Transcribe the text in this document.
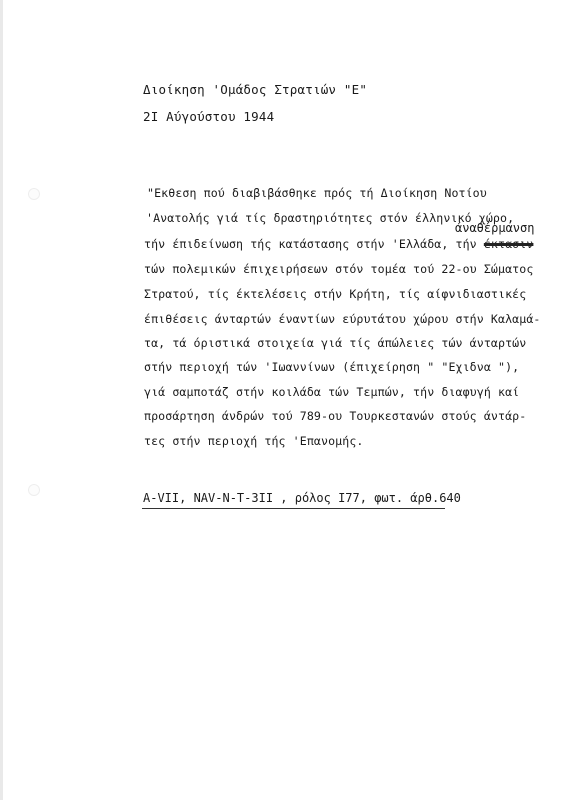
Διοίκηση 'Ομάδος Στρατιών "Ε"
2Ι Αύγούστου 1944
"Εκθεση πού διαβιβάσθηκε πρός τή Διοίκηση Νοτίου
'Ανατολής γιά τίς δραστηριότητες στόν έλληνικό χώρο,
άναθέρμανση
τήν έπιδείνωση τής κατάστασης στήν 'Ελλάδα, τήν έκτασιν
τών πολεμικών έπιχειρήσεων στόν τομέα τού 22-ου Σώματος
Στρατού, τίς έκτελέσεις στήν Κρήτη, τίς αίφνιδιαστικές
έπιθέσεις άνταρτών έναντίων εύρυτάτου χώρου στήν Καλαμά-
τα, τά όριστικά στοιχεία γιά τίς άπώλειες τών άνταρτών
στήν περιοχή τών 'Ιωαννίνων (έπιχείρηση " "Εχιδνα "),
γιά σαμποτάζ στήν κοιλάδα τών Τεμπών, τήν διαφυγή καί
προσάρτηση άνδρών τού 789-ου Τουρκεστανών στούς άντάρ-
τες στήν περιοχή τής 'Επανομής.
A-VII, NAV-N-T-3II , ρόλος Ι77, φωτ. άρθ.640
